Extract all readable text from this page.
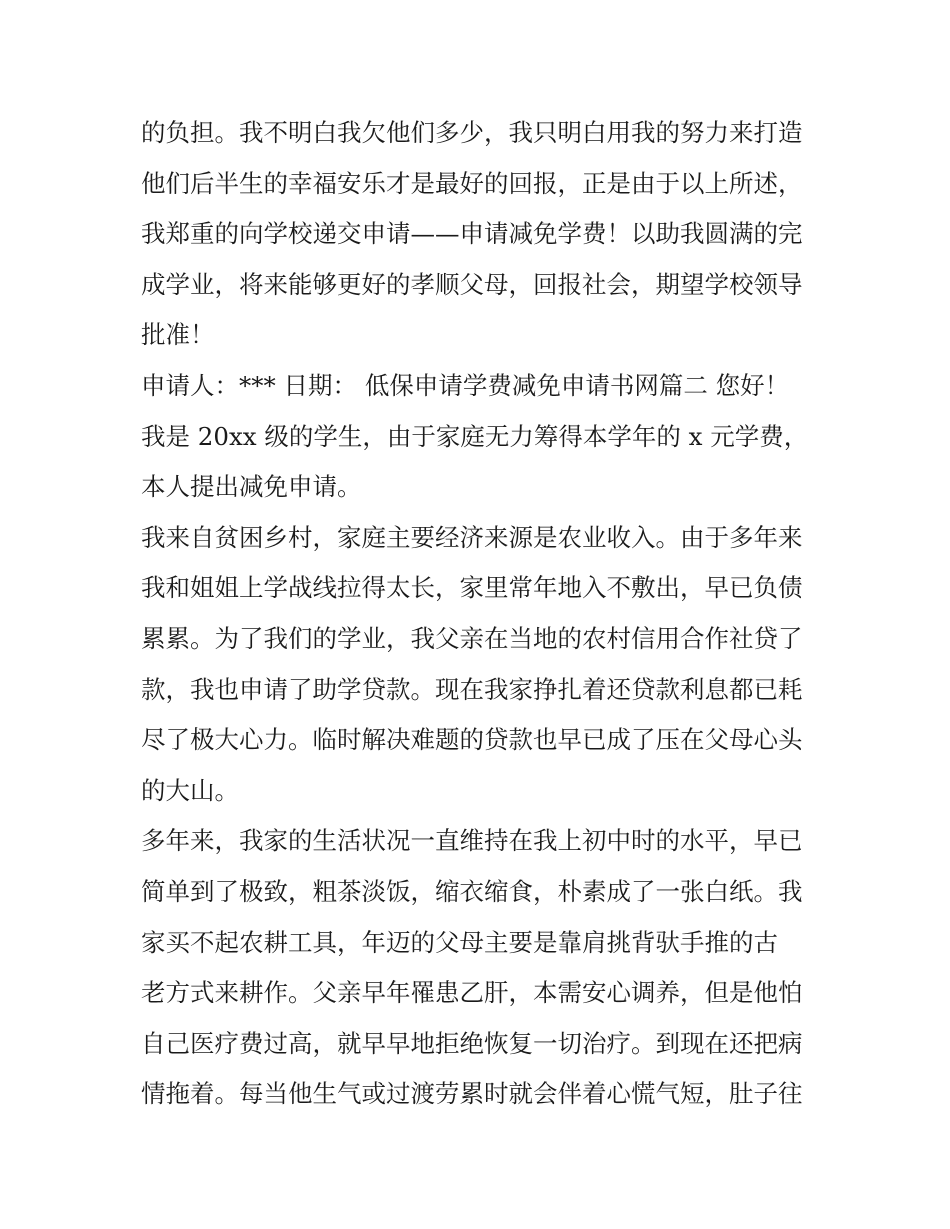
的负担。我不明白我欠他们多少，我只明白用我的努力来打造
他们后半生的幸福安乐才是最好的回报，正是由于以上所述，
我郑重的向学校递交申请——申请减免学费！以助我圆满的完
成学业，将来能够更好的孝顺父母，回报社会，期望学校领导
批准！
申请人：*** 日期： 低保申请学费减免申请书网篇二 您好！
我是 20xx 级的学生，由于家庭无力筹得本学年的 x 元学费，
本人提出减免申请。
我来自贫困乡村，家庭主要经济来源是农业收入。由于多年来
我和姐姐上学战线拉得太长，家里常年地入不敷出，早已负债
累累。为了我们的学业，我父亲在当地的农村信用合作社贷了
款，我也申请了助学贷款。现在我家挣扎着还贷款利息都已耗
尽了极大心力。临时解决难题的贷款也早已成了压在父母心头
的大山。
多年来，我家的生活状况一直维持在我上初中时的水平，早已
简单到了极致，粗茶淡饭，缩衣缩食，朴素成了一张白纸。我
家买不起农耕工具，年迈的父母主要是靠肩挑背驮手推的古
老方式来耕作。父亲早年罹患乙肝，本需安心调养，但是他怕
自己医疗费过高，就早早地拒绝恢复一切治疗。到现在还把病
情拖着。每当他生气或过渡劳累时就会伴着心慌气短，肚子往
